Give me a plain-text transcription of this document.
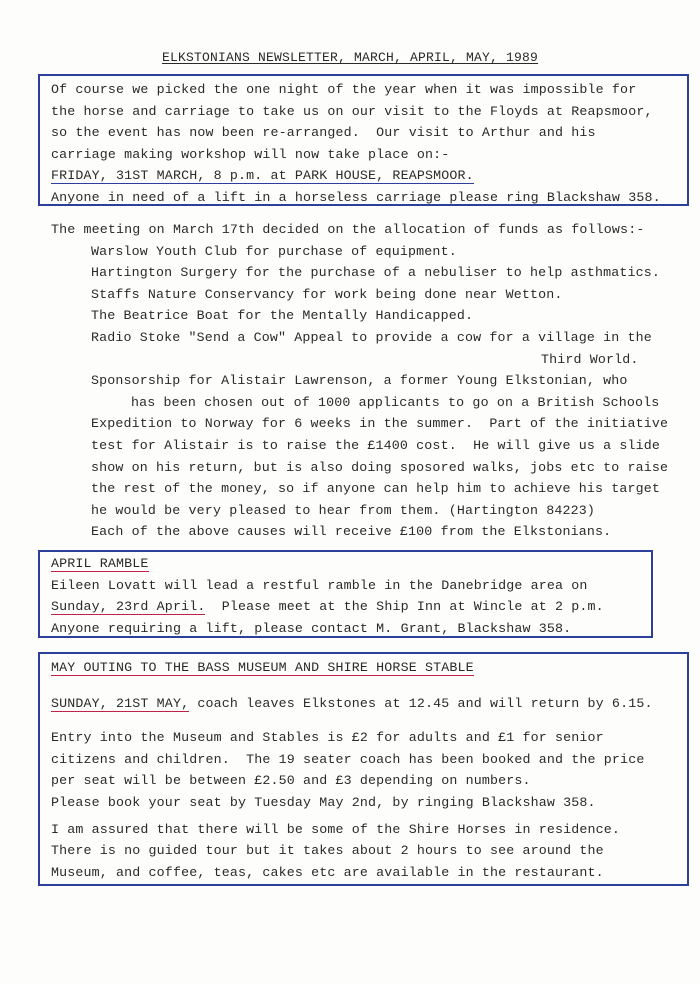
ELKSTONIANS NEWSLETTER, MARCH, APRIL, MAY, 1989
Of course we picked the one night of the year when it was impossible for
the horse and carriage to take us on our visit to the Floyds at Reapsmoor,
so the event has now been re-arranged.  Our visit to Arthur and his
carriage making workshop will now take place on:-
FRIDAY, 31ST MARCH, 8 p.m. at PARK HOUSE, REAPSMOOR.
Anyone in need of a lift in a horseless carriage please ring Blackshaw 358.
The meeting on March 17th decided on the allocation of funds as follows:-
Warslow Youth Club for purchase of equipment.
Hartington Surgery for the purchase of a nebuliser to help asthmatics.
Staffs Nature Conservancy for work being done near Wetton.
The Beatrice Boat for the Mentally Handicapped.
Radio Stoke "Send a Cow" Appeal to provide a cow for a village in the
Third World.
Sponsorship for Alistair Lawrenson, a former Young Elkstonian, who
has been chosen out of 1000 applicants to go on a British Schools
Expedition to Norway for 6 weeks in the summer.  Part of the initiative
test for Alistair is to raise the £1400 cost.  He will give us a slide
show on his return, but is also doing sposored walks, jobs etc to raise
the rest of the money, so if anyone can help him to achieve his target
he would be very pleased to hear from them. (Hartington 84223)
Each of the above causes will receive £100 from the Elkstonians.
APRIL RAMBLE
Eileen Lovatt will lead a restful ramble in the Danebridge area on
Sunday, 23rd April.  Please meet at the Ship Inn at Wincle at 2 p.m.
Anyone requiring a lift, please contact M. Grant, Blackshaw 358.
MAY OUTING TO THE BASS MUSEUM AND SHIRE HORSE STABLE
SUNDAY, 21ST MAY, coach leaves Elkstones at 12.45 and will return by 6.15.
Entry into the Museum and Stables is £2 for adults and £1 for senior
citizens and children.  The 19 seater coach has been booked and the price
per seat will be between £2.50 and £3 depending on numbers.
Please book your seat by Tuesday May 2nd, by ringing Blackshaw 358.
I am assured that there will be some of the Shire Horses in residence.
There is no guided tour but it takes about 2 hours to see around the
Museum, and coffee, teas, cakes etc are available in the restaurant.
